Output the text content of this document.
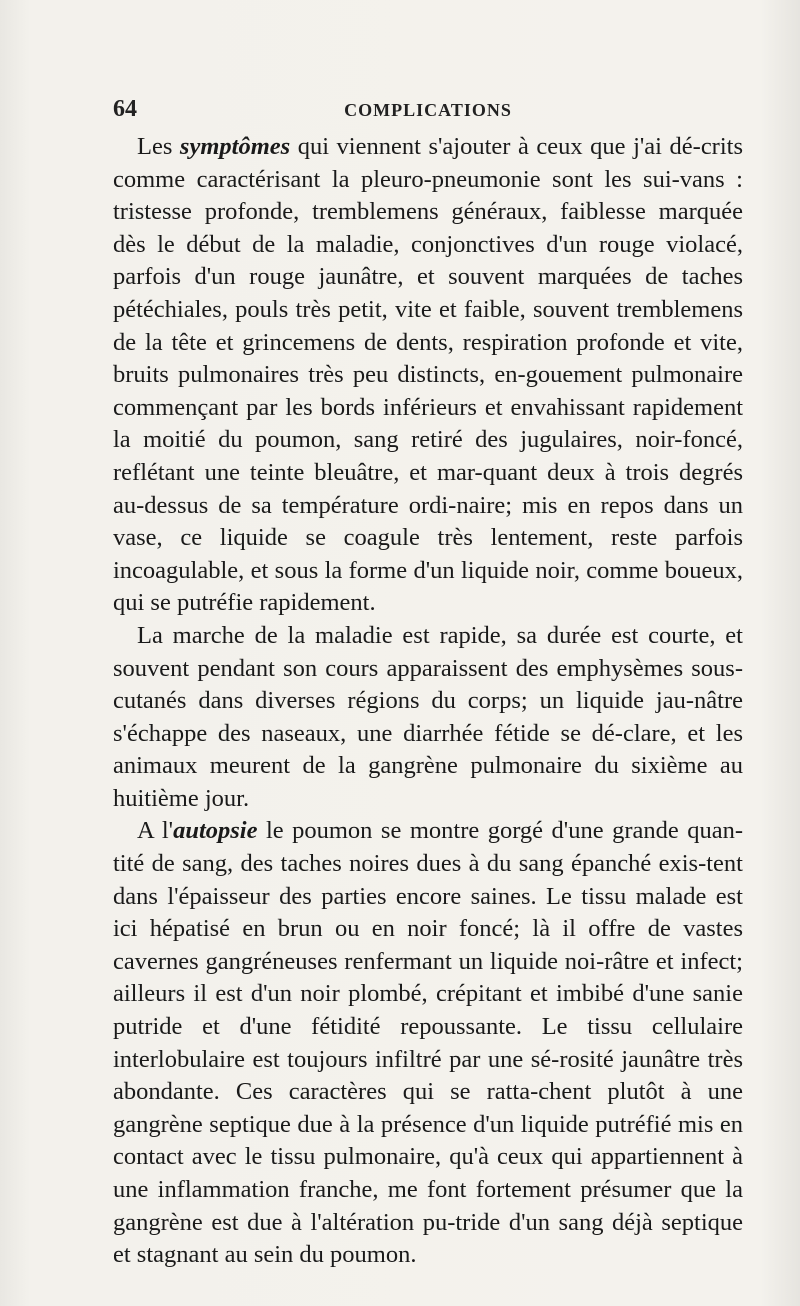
64	COMPLICATIONS

Les symptômes qui viennent s'ajouter à ceux que j'ai dé-crits comme caractérisant la pleuro-pneumonie sont les sui-vans : tristesse profonde, tremblemens généraux, faiblesse marquée dès le début de la maladie, conjonctives d'un rouge violacé, parfois d'un rouge jaunâtre, et souvent marquées de taches pétéchiales, pouls très petit, vite et faible, souvent tremblemens de la tête et grincemens de dents, respiration profonde et vite, bruits pulmonaires très peu distincts, en-gouement pulmonaire commençant par les bords inférieurs et envahissant rapidement la moitié du poumon, sang retiré des jugulaires, noir-foncé, reflétant une teinte bleuâtre, et mar-quant deux à trois degrés au-dessus de sa température ordi-naire; mis en repos dans un vase, ce liquide se coagule très lentement, reste parfois incoagulable, et sous la forme d'un liquide noir, comme boueux, qui se putréfie rapidement.

La marche de la maladie est rapide, sa durée est courte, et souvent pendant son cours apparaissent des emphysèmes sous-cutanés dans diverses régions du corps; un liquide jau-nâtre s'échappe des naseaux, une diarrhée fétide se dé-clare, et les animaux meurent de la gangrène pulmonaire du sixième au huitième jour.

A l'autopsie le poumon se montre gorgé d'une grande quan-tité de sang, des taches noires dues à du sang épanché exis-tent dans l'épaisseur des parties encore saines. Le tissu malade est ici hépatisé en brun ou en noir foncé; là il offre de vastes cavernes gangréneuses renfermant un liquide noi-râtre et infect; ailleurs il est d'un noir plombé, crépitant et imbibé d'une sanie putride et d'une fétidité repoussante. Le tissu cellulaire interlobulaire est toujours infiltré par une sé-rosité jaunâtre très abondante. Ces caractères qui se ratta-chent plutôt à une gangrène septique due à la présence d'un liquide putréfié mis en contact avec le tissu pulmonaire, qu'à ceux qui appartiennent à une inflammation franche, me font fortement présumer que la gangrène est due à l'altération pu-tride d'un sang déjà septique et stagnant au sein du poumon.
